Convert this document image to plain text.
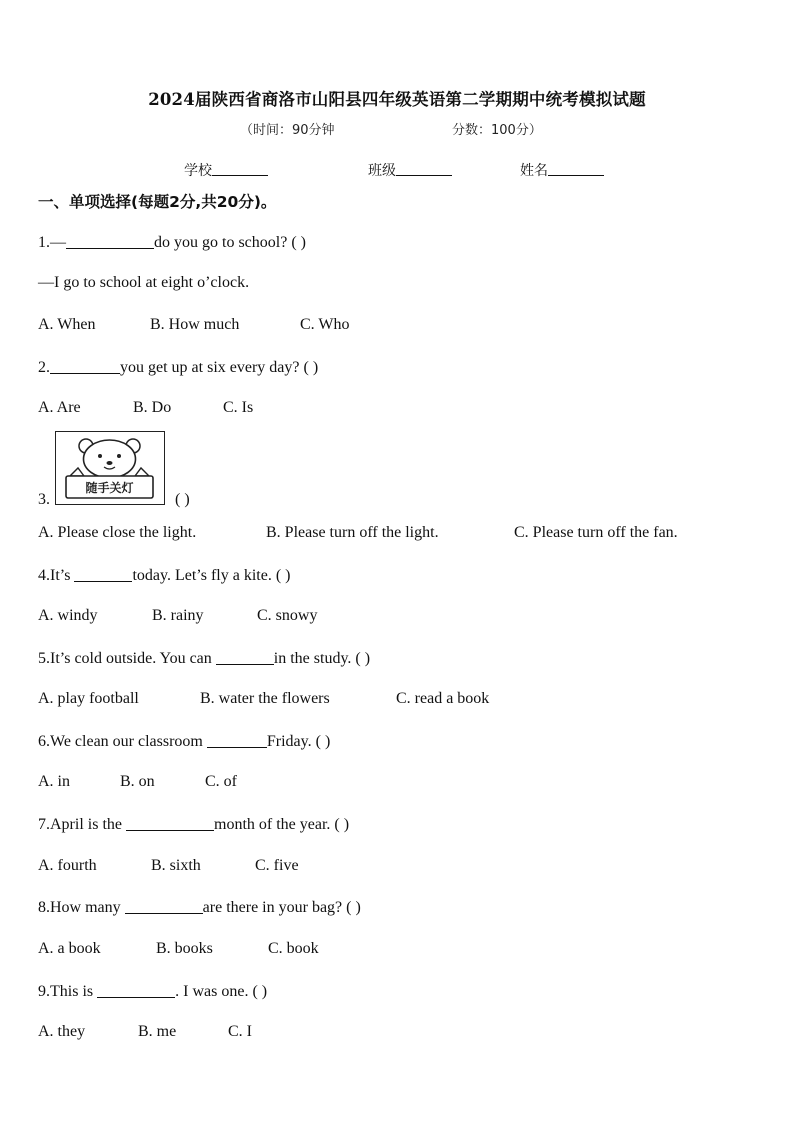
2024届陕西省商洛市山阳县四年级英语第二学期期中统考模拟试题
（时间：90分钟	分数：100分）
学校	班级	姓名
一、单项选择(每题2分,共20分)。
1.—	do you go to school? ( )
—I go to school at eight o’clock.
A. When	B. How much	C. Who
2.	you get up at six every day? ( )
A. Are	B. Do	C. Is
3.
随手关灯
( )
A. Please close the light.	B. Please turn off the light.	C. Please turn off the fan.
4.It’s	today. Let’s fly a kite. ( )
A. windy	B. rainy	C. snowy
5.It’s cold outside. You can	in the study. ( )
A. play football	B. water the flowers	C. read a book
6.We clean our classroom	Friday. ( )
A. in	B. on	C. of
7.April is the	month of the year. ( )
A. fourth	B. sixth	C. five
8.How many	are there in your bag? ( )
A. a book	B. books	C. book
9.This is	. I was one. ( )
A. they	B. me	C. I
